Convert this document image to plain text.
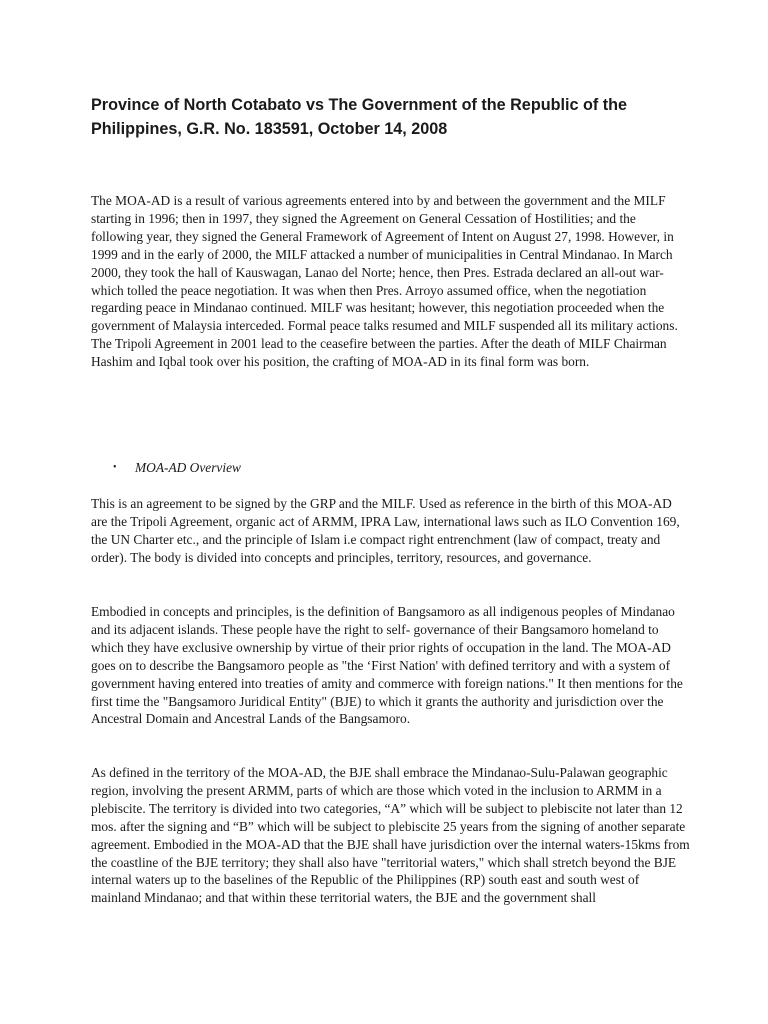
Province of North Cotabato vs The Government of the Republic of the Philippines, G.R. No. 183591, October 14, 2008

The MOA-AD is a result of various agreements entered into by and between the government and the MILF starting in 1996; then in 1997, they signed the Agreement on General Cessation of Hostilities; and the following year, they signed the General Framework of Agreement of Intent on August 27, 1998. However, in 1999 and in the early of 2000, the MILF attacked a number of municipalities in Central Mindanao. In March 2000, they took the hall of Kauswagan, Lanao del Norte; hence, then Pres. Estrada declared an all-out war-which tolled the peace negotiation. It was when then Pres. Arroyo assumed office, when the negotiation regarding peace in Mindanao continued. MILF was hesitant; however, this negotiation proceeded when the government of Malaysia interceded. Formal peace talks resumed and MILF suspended all its military actions. The Tripoli Agreement in 2001 lead to the ceasefire between the parties. After the death of MILF Chairman Hashim and Iqbal took over his position, the crafting of MOA-AD in its final form was born.

• MOA-AD Overview

This is an agreement to be signed by the GRP and the MILF. Used as reference in the birth of this MOA-AD are the Tripoli Agreement, organic act of ARMM, IPRA Law, international laws such as ILO Convention 169, the UN Charter etc., and the principle of Islam i.e compact right entrenchment (law of compact, treaty and order). The body is divided into concepts and principles, territory, resources, and governance.

Embodied in concepts and principles, is the definition of Bangsamoro as all indigenous peoples of Mindanao and its adjacent islands. These people have the right to self- governance of their Bangsamoro homeland to which they have exclusive ownership by virtue of their prior rights of occupation in the land. The MOA-AD goes on to describe the Bangsamoro people as "the ‘First Nation' with defined territory and with a system of government having entered into treaties of amity and commerce with foreign nations." It then mentions for the first time the "Bangsamoro Juridical Entity" (BJE) to which it grants the authority and jurisdiction over the Ancestral Domain and Ancestral Lands of the Bangsamoro.

As defined in the territory of the MOA-AD, the BJE shall embrace the Mindanao-Sulu-Palawan geographic region, involving the present ARMM, parts of which are those which voted in the inclusion to ARMM in a plebiscite. The territory is divided into two categories, “A” which will be subject to plebiscite not later than 12 mos. after the signing and “B” which will be subject to plebiscite 25 years from the signing of another separate agreement. Embodied in the MOA-AD that the BJE shall have jurisdiction over the internal waters-15kms from the coastline of the BJE territory; they shall also have "territorial waters," which shall stretch beyond the BJE internal waters up to the baselines of the Republic of the Philippines (RP) south east and south west of mainland Mindanao; and that within these territorial waters, the BJE and the government shall
